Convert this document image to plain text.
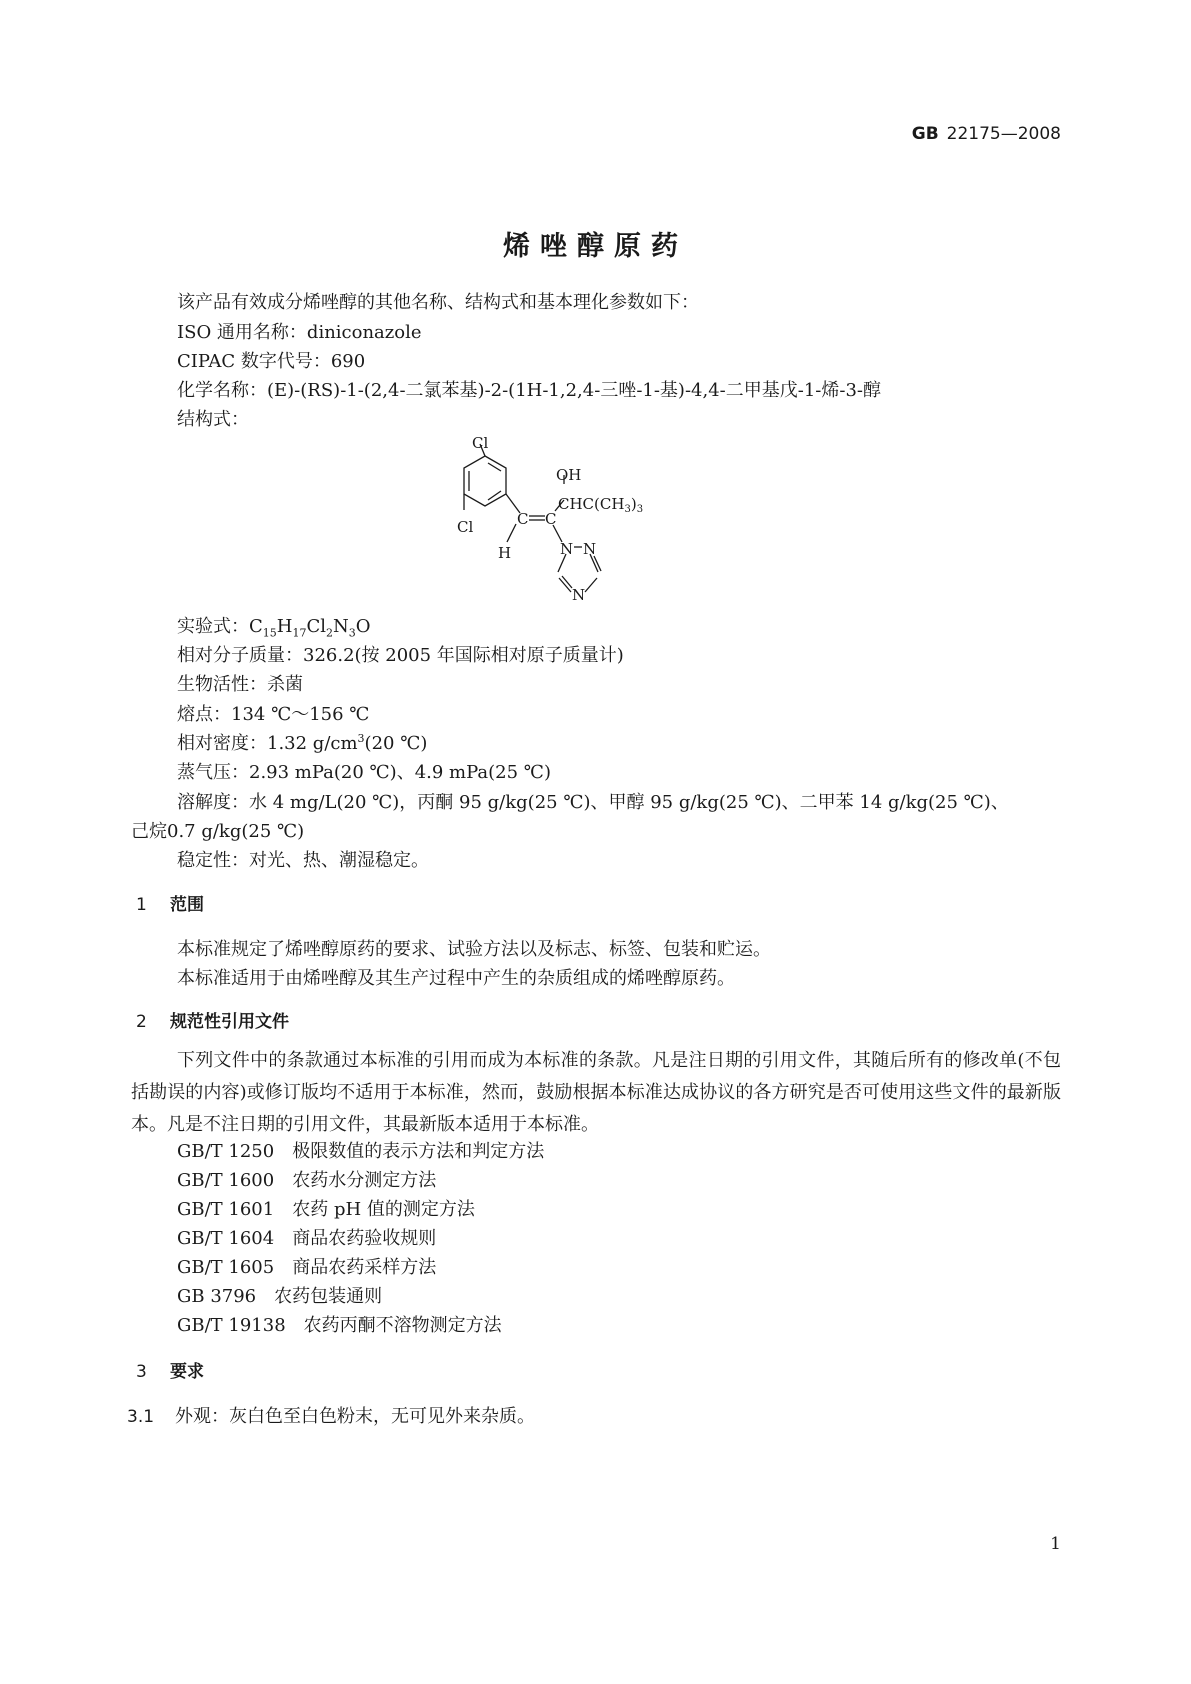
GB 22175—2008
烯唑醇原药
该产品有效成分烯唑醇的其他名称、结构式和基本理化参数如下：
ISO 通用名称：diniconazole
CIPAC 数字代号：690
化学名称：(E)-(RS)-1-(2,4-二氯苯基)-2-(1H-1,2,4-三唑-1-基)-4,4-二甲基戊-1-烯-3-醇
结构式：
Cl
Cl
OH
$CHC(CH_3)_3$
C C
H	N N
N
实验式：$C_{15}H_{17}Cl_2N_3O$
相对分子质量：326.2(按 2005 年国际相对原子质量计)
生物活性：杀菌
熔点：134 ℃～156 ℃
相对密度：1.32 $g/cm^3(20$ ℃)
蒸气压：2.93 mPa(20 ℃)、4.9 mPa(25 ℃)
溶解度：水 4 mg/L(20 ℃)，丙酮 95 g/kg(25 ℃)、甲醇 95 g/kg(25 ℃)、二甲苯 14 g/kg(25 ℃)、
己烷0.7 g/kg(25 ℃)
稳定性：对光、热、潮湿稳定。
1 范围
本标准规定了烯唑醇原药的要求、试验方法以及标志、标签、包装和贮运。
本标准适用于由烯唑醇及其生产过程中产生的杂质组成的烯唑醇原药。
2 规范性引用文件
下列文件中的条款通过本标准的引用而成为本标准的条款。凡是注日期的引用文件，其随后所有的修改单(不包括勘误的内容)或修订版均不适用于本标准，然而，鼓励根据本标准达成协议的各方研究是否可使用这些文件的最新版本。凡是不注日期的引用文件，其最新版本适用于本标准。
GB/T 1250 极限数值的表示方法和判定方法
GB/T 1600 农药水分测定方法
GB/T 1601 农药 pH 值的测定方法
GB/T 1604 商品农药验收规则
GB/T 1605 商品农药采样方法
GB 3796 农药包装通则
GB/T 19138 农药丙酮不溶物测定方法
3 要求
3.1 外观：灰白色至白色粉末，无可见外来杂质。
1
